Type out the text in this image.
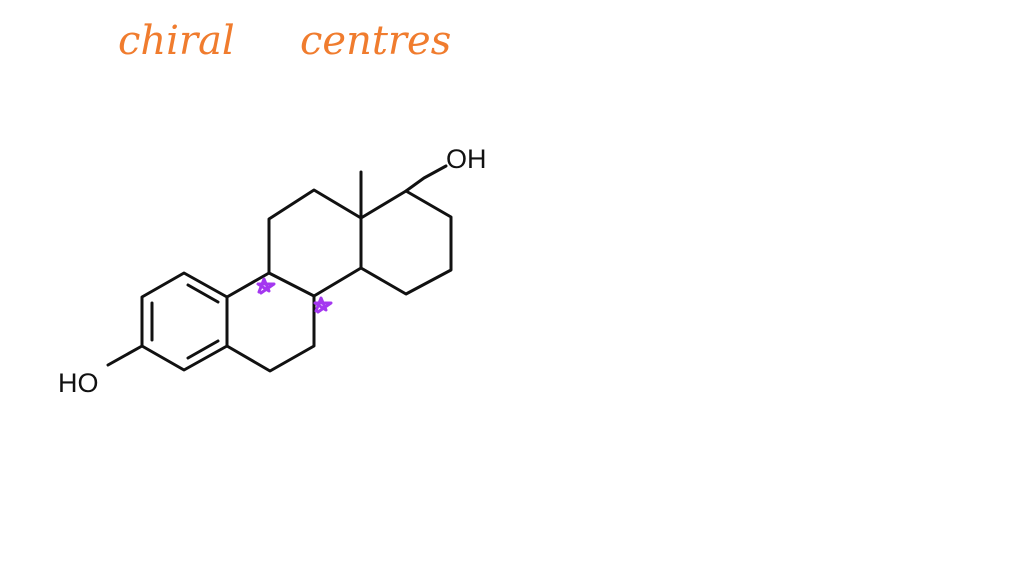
chiral centres
HO
OH
